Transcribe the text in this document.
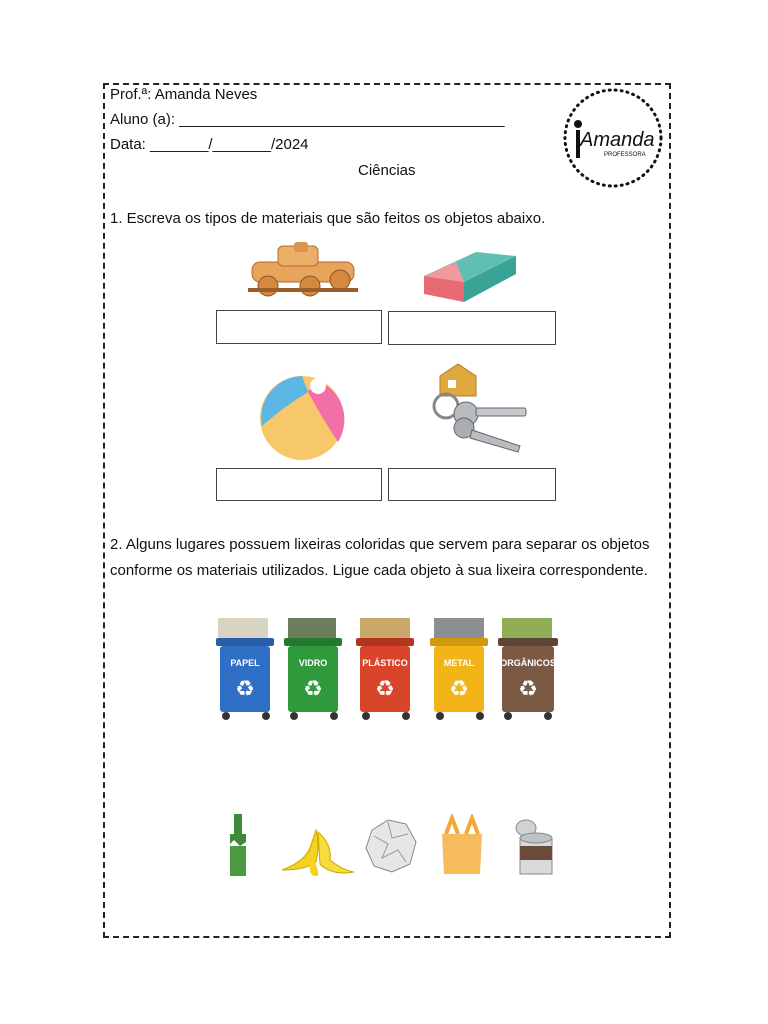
Prof.ª: Amanda Neves
Aluno (a): _______________________________________
Data: _______/_______/2024
Ciências
Amanda
PROFESSORA
1. Escreva os tipos de materiais que são feitos os objetos abaixo.
2. Alguns lugares possuem lixeiras coloridas que servem para separar os objetos
conforme os materiais utilizados. Ligue cada objeto à sua lixeira correspondente.
PAPEL
♻
VIDRO
♻
PLÁSTICO
♻
METAL
♻
ORGÂNICOS
♻
